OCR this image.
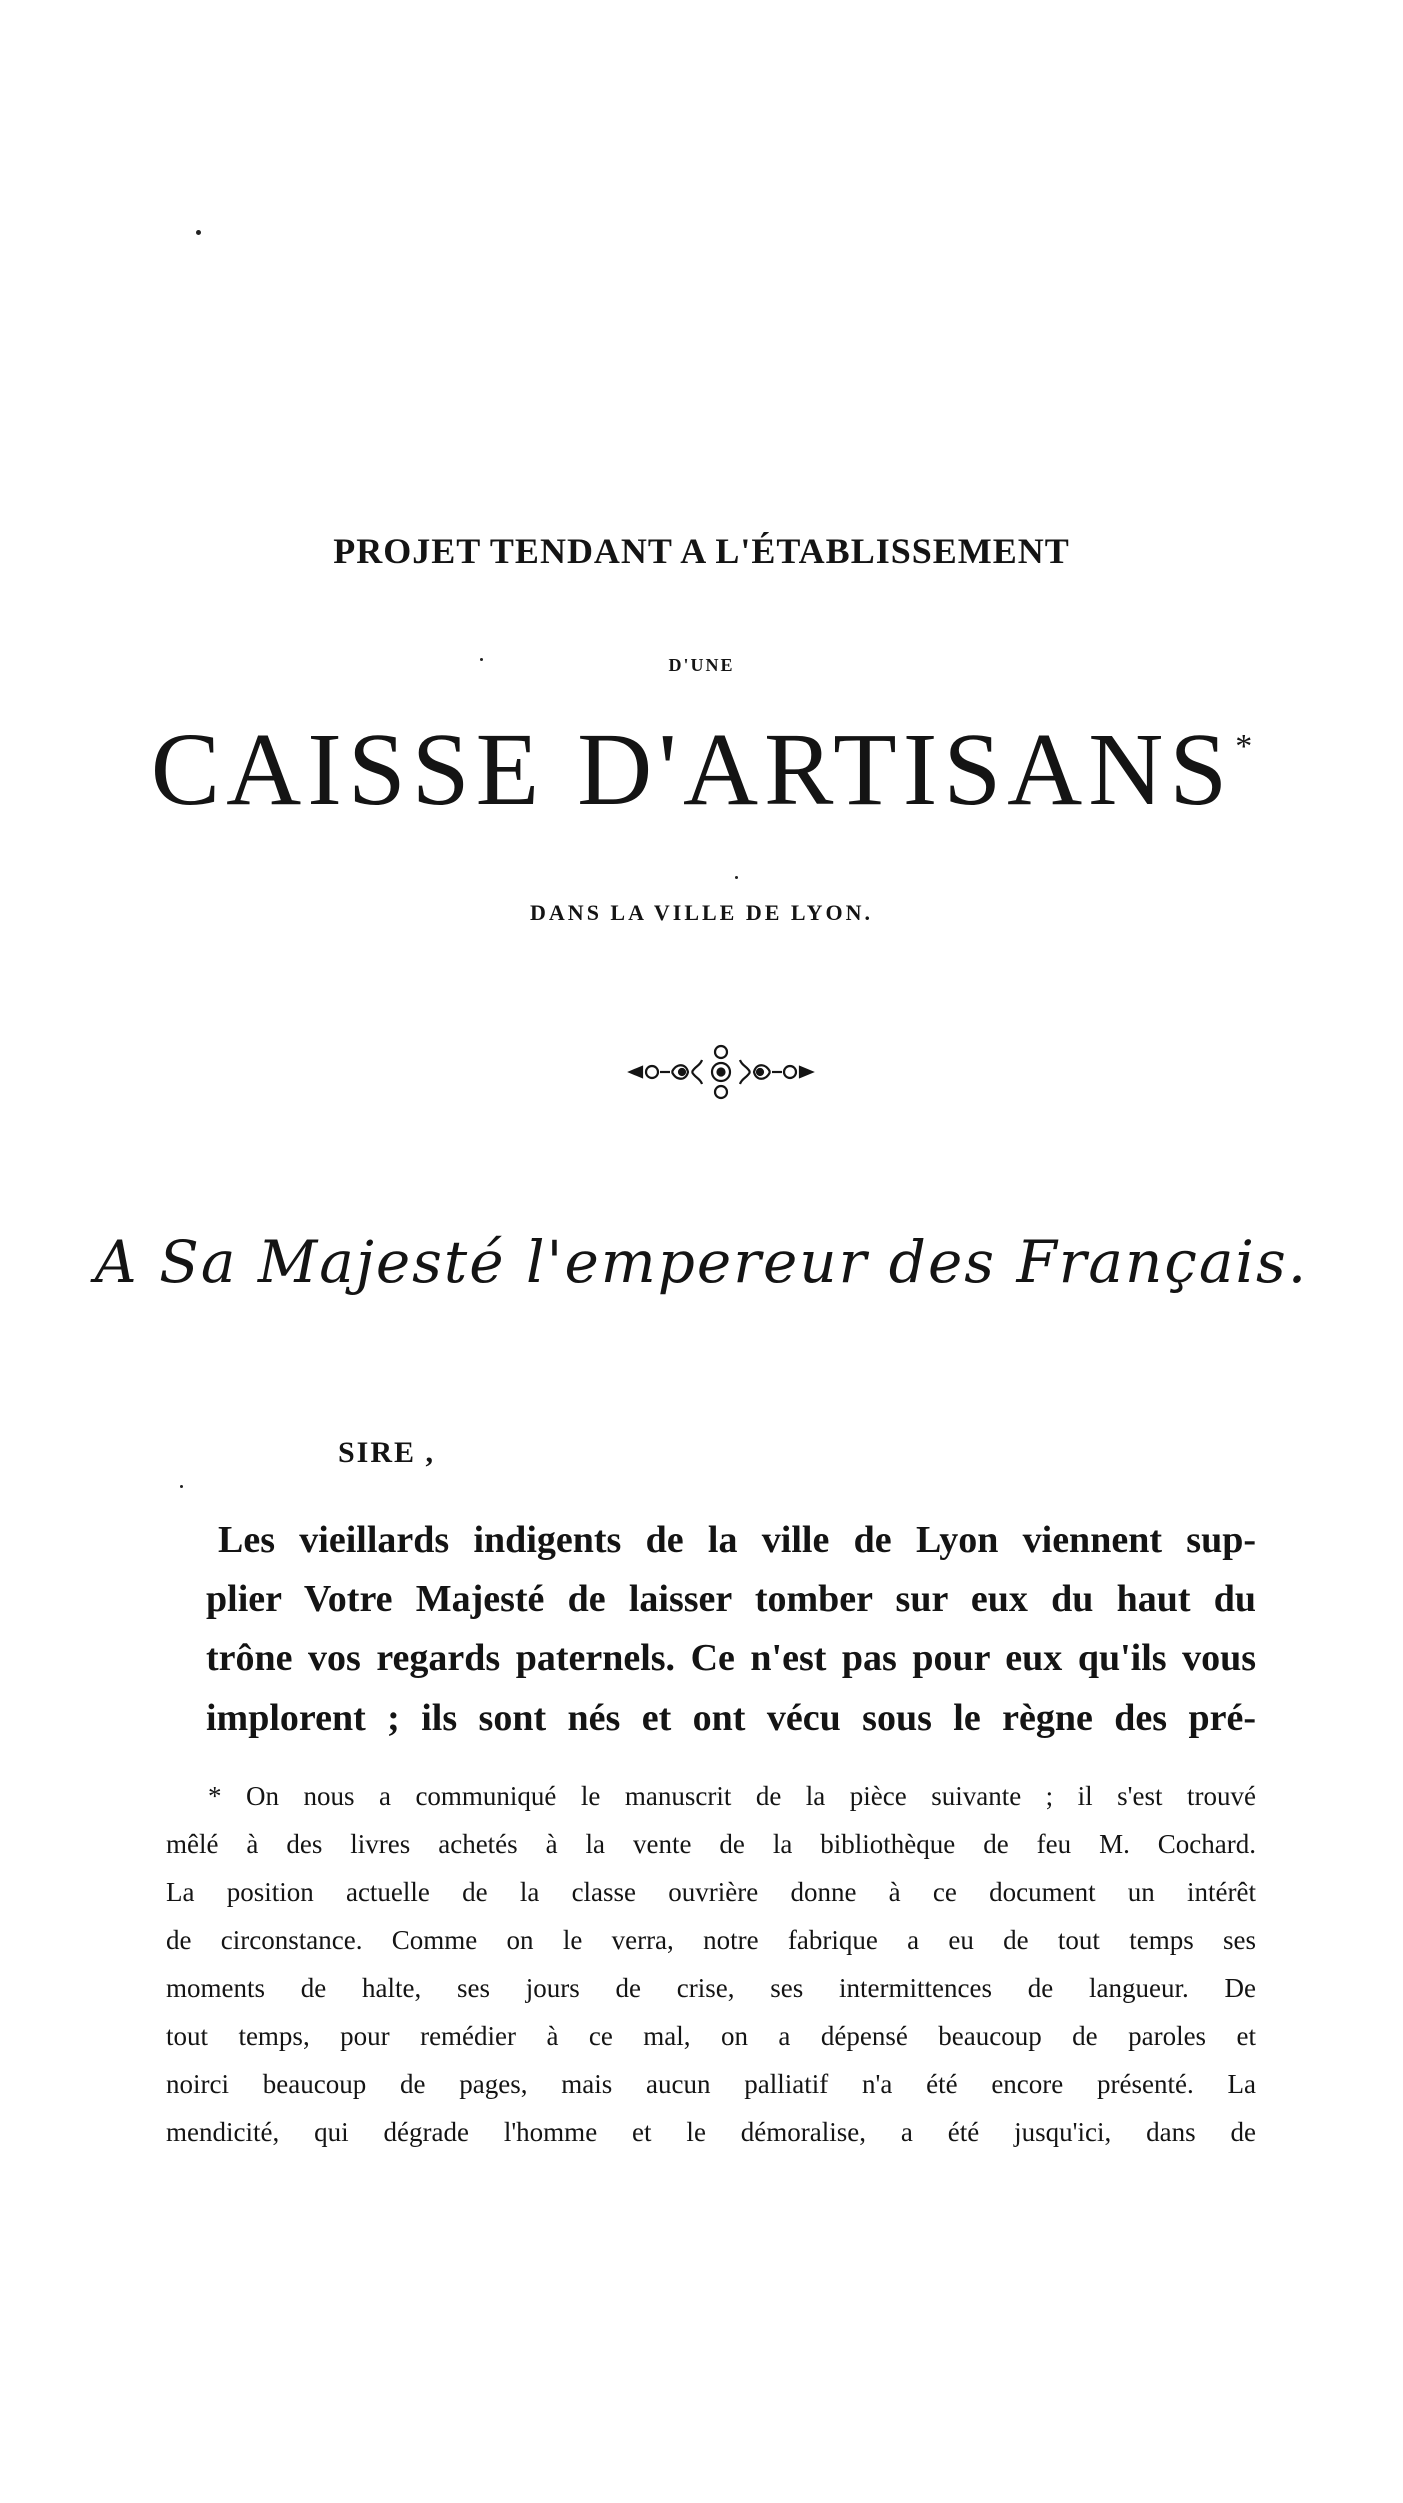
PROJET TENDANT A L'ÉTABLISSEMENT
D'UNE
CAISSE D'ARTISANS*
DANS LA VILLE DE LYON.
A Sa Majesté l'empereur des Français.
SIRE ,
Les vieillards indigents de la ville de Lyon viennent sup-
plier Votre Majesté de laisser tomber sur eux du haut du
trône vos regards paternels. Ce n'est pas pour eux qu'ils vous
implorent ; ils sont nés et ont vécu sous le règne des pré-
* On nous a communiqué le manuscrit de la pièce suivante ; il s'est trouvé
mêlé à des livres achetés à la vente de la bibliothèque de feu M. Cochard.
La position actuelle de la classe ouvrière donne à ce document un intérêt
de circonstance. Comme on le verra, notre fabrique a eu de tout temps ses
moments de halte, ses jours de crise, ses intermittences de langueur. De
tout temps, pour remédier à ce mal, on a dépensé beaucoup de paroles et
noirci beaucoup de pages, mais aucun palliatif n'a été encore présenté. La
mendicité, qui dégrade l'homme et le démoralise, a été jusqu'ici, dans de
